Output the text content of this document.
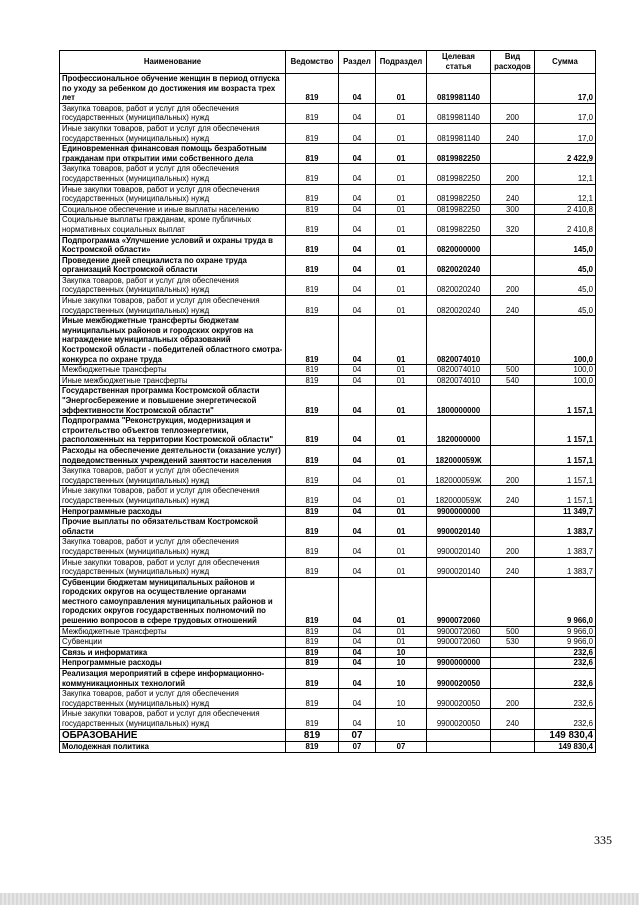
Наименование	Ведомство	Раздел	Подраздел	Целевая статья	Вид расходов	Сумма
Профессиональное обучение женщин в период отпуска по уходу за ребенком до достижения им возраста трех лет	819	04	01	0819981140		17,0
Закупка товаров, работ и услуг для обеспечения государственных (муниципальных) нужд	819	04	01	0819981140	200	17,0
Иные закупки товаров, работ и услуг для обеспечения государственных (муниципальных) нужд	819	04	01	0819981140	240	17,0
Единовременная финансовая помощь безработным гражданам при открытии ими собственного дела	819	04	01	0819982250		2 422,9
Закупка товаров, работ и услуг для обеспечения государственных (муниципальных) нужд	819	04	01	0819982250	200	12,1
Иные закупки товаров, работ и услуг для обеспечения государственных (муниципальных) нужд	819	04	01	0819982250	240	12,1
Социальное обеспечение и иные выплаты населению	819	04	01	0819982250	300	2 410,8
Социальные выплаты гражданам, кроме публичных нормативных социальных выплат	819	04	01	0819982250	320	2 410,8
Подпрограмма «Улучшение условий и охраны труда в Костромской области»	819	04	01	0820000000		145,0
Проведение дней специалиста по охране труда организаций Костромской области	819	04	01	0820020240		45,0
Закупка товаров, работ и услуг для обеспечения государственных (муниципальных) нужд	819	04	01	0820020240	200	45,0
Иные закупки товаров, работ и услуг для обеспечения государственных (муниципальных) нужд	819	04	01	0820020240	240	45,0
Иные межбюджетные трансферты бюджетам муниципальных районов и городских округов на награждение муниципальных образований Костромской области - победителей областного смотра-конкурса по охране труда	819	04	01	0820074010		100,0
Межбюджетные трансферты	819	04	01	0820074010	500	100,0
Иные межбюджетные трансферты	819	04	01	0820074010	540	100,0
Государственная программа Костромской области "Энергосбережение и повышение энергетической эффективности Костромской области"	819	04	01	1800000000		1 157,1
Подпрограмма "Реконструкция, модернизация и строительство объектов теплоэнергетики, расположенных на территории Костромской области"	819	04	01	1820000000		1 157,1
Расходы на обеспечение деятельности (оказание услуг) подведомственных учреждений занятости населения	819	04	01	182000059Ж		1 157,1
Закупка товаров, работ и услуг для обеспечения государственных (муниципальных) нужд	819	04	01	182000059Ж	200	1 157,1
Иные закупки товаров, работ и услуг для обеспечения государственных (муниципальных) нужд	819	04	01	182000059Ж	240	1 157,1
Непрограммные расходы	819	04	01	9900000000		11 349,7
Прочие выплаты по обязательствам Костромской области	819	04	01	9900020140		1 383,7
Закупка товаров, работ и услуг для обеспечения государственных (муниципальных) нужд	819	04	01	9900020140	200	1 383,7
Иные закупки товаров, работ и услуг для обеспечения государственных (муниципальных) нужд	819	04	01	9900020140	240	1 383,7
Субвенции бюджетам муниципальных районов и городских округов на осуществление органами местного самоуправления муниципальных районов и городских округов государственных полномочий по решению вопросов в сфере трудовых отношений	819	04	01	9900072060		9 966,0
Межбюджетные трансферты	819	04	01	9900072060	500	9 966,0
Субвенции	819	04	01	9900072060	530	9 966,0
Связь и информатика	819	04	10			232,6
Непрограммные расходы	819	04	10	9900000000		232,6
Реализация мероприятий в сфере информационно-коммуникационных технологий	819	04	10	9900020050		232,6
Закупка товаров, работ и услуг для обеспечения государственных (муниципальных) нужд	819	04	10	9900020050	200	232,6
Иные закупки товаров, работ и услуг для обеспечения государственных (муниципальных) нужд	819	04	10	9900020050	240	232,6
ОБРАЗОВАНИЕ	819	07				149 830,4
Молодежная политика	819	07	07			149 830,4
335
